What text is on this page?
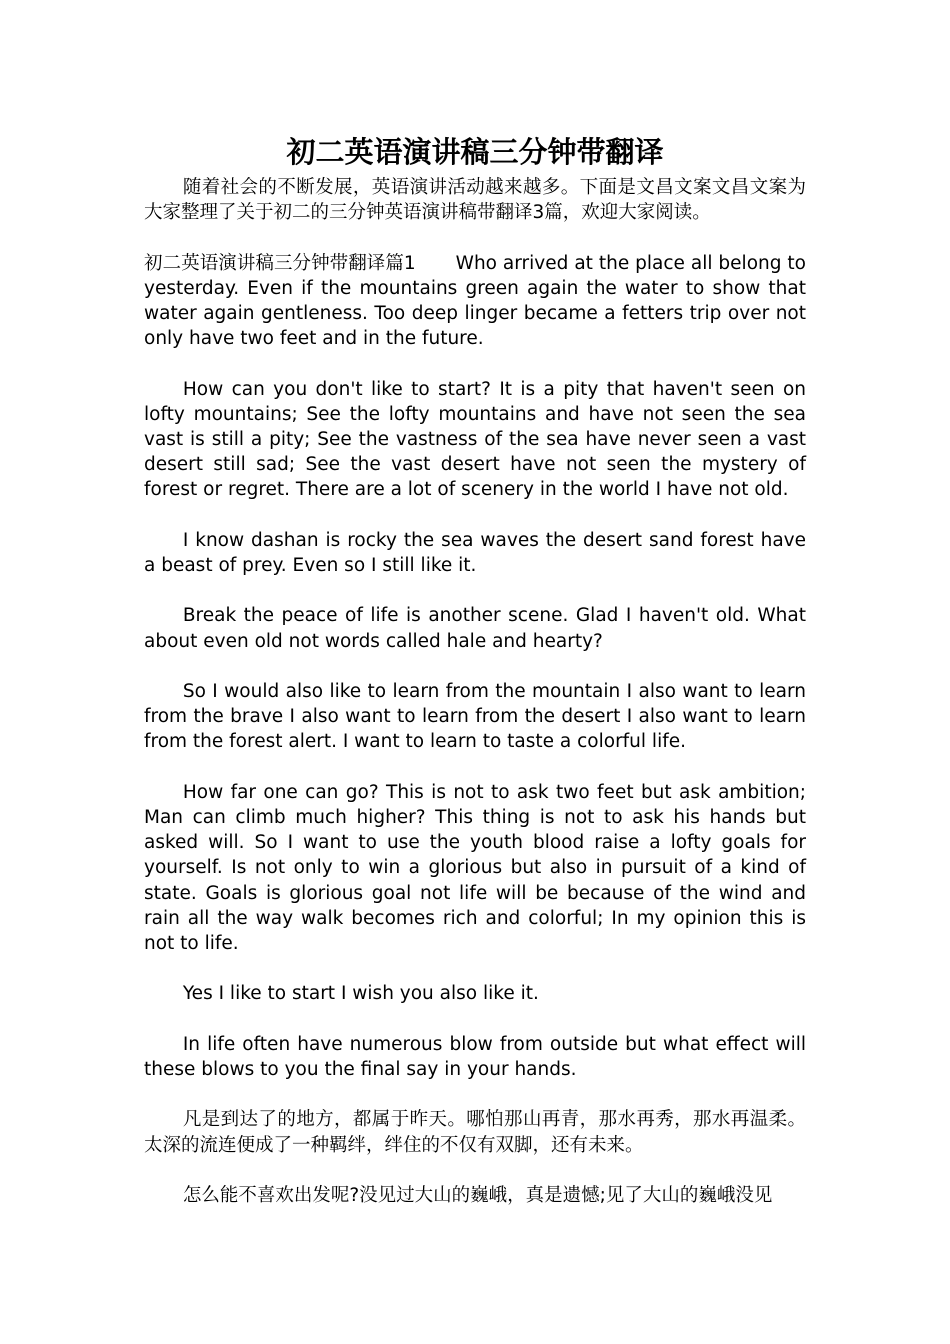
初二英语演讲稿三分钟带翻译

随着社会的不断发展，英语演讲活动越来越多。下面是文昌文案文昌文案为大家整理了关于初二的三分钟英语演讲稿带翻译3篇，欢迎大家阅读。

初二英语演讲稿三分钟带翻译篇1 Who arrived at the place all belong to yesterday. Even if the mountains green again the water to show that water again gentleness. Too deep linger became a fetters trip over not only have two feet and in the future.

How can you don't like to start? It is a pity that haven't seen on lofty mountains; See the lofty mountains and have not seen the sea vast is still a pity; See the vastness of the sea have never seen a vast desert still sad; See the vast desert have not seen the mystery of forest or regret. There are a lot of scenery in the world I have not old.

I know dashan is rocky the sea waves the desert sand forest have a beast of prey. Even so I still like it.

Break the peace of life is another scene. Glad I haven't old. What about even old not words called hale and hearty?

So I would also like to learn from the mountain I also want to learn from the brave I also want to learn from the desert I also want to learn from the forest alert. I want to learn to taste a colorful life.

How far one can go? This is not to ask two feet but ask ambition; Man can climb much higher? This thing is not to ask his hands but asked will. So I want to use the youth blood raise a lofty goals for yourself. Is not only to win a glorious but also in pursuit of a kind of state. Goals is glorious goal not life will be because of the wind and rain all the way walk becomes rich and colorful; In my opinion this is not to life.

Yes I like to start I wish you also like it.

In life often have numerous blow from outside but what effect will these blows to you the final say in your hands.

凡是到达了的地方，都属于昨天。哪怕那山再青，那水再秀，那水再温柔。太深的流连便成了一种羁绊，绊住的不仅有双脚，还有未来。

怎么能不喜欢出发呢?没见过大山的巍峨，真是遗憾;见了大山的巍峨没见
